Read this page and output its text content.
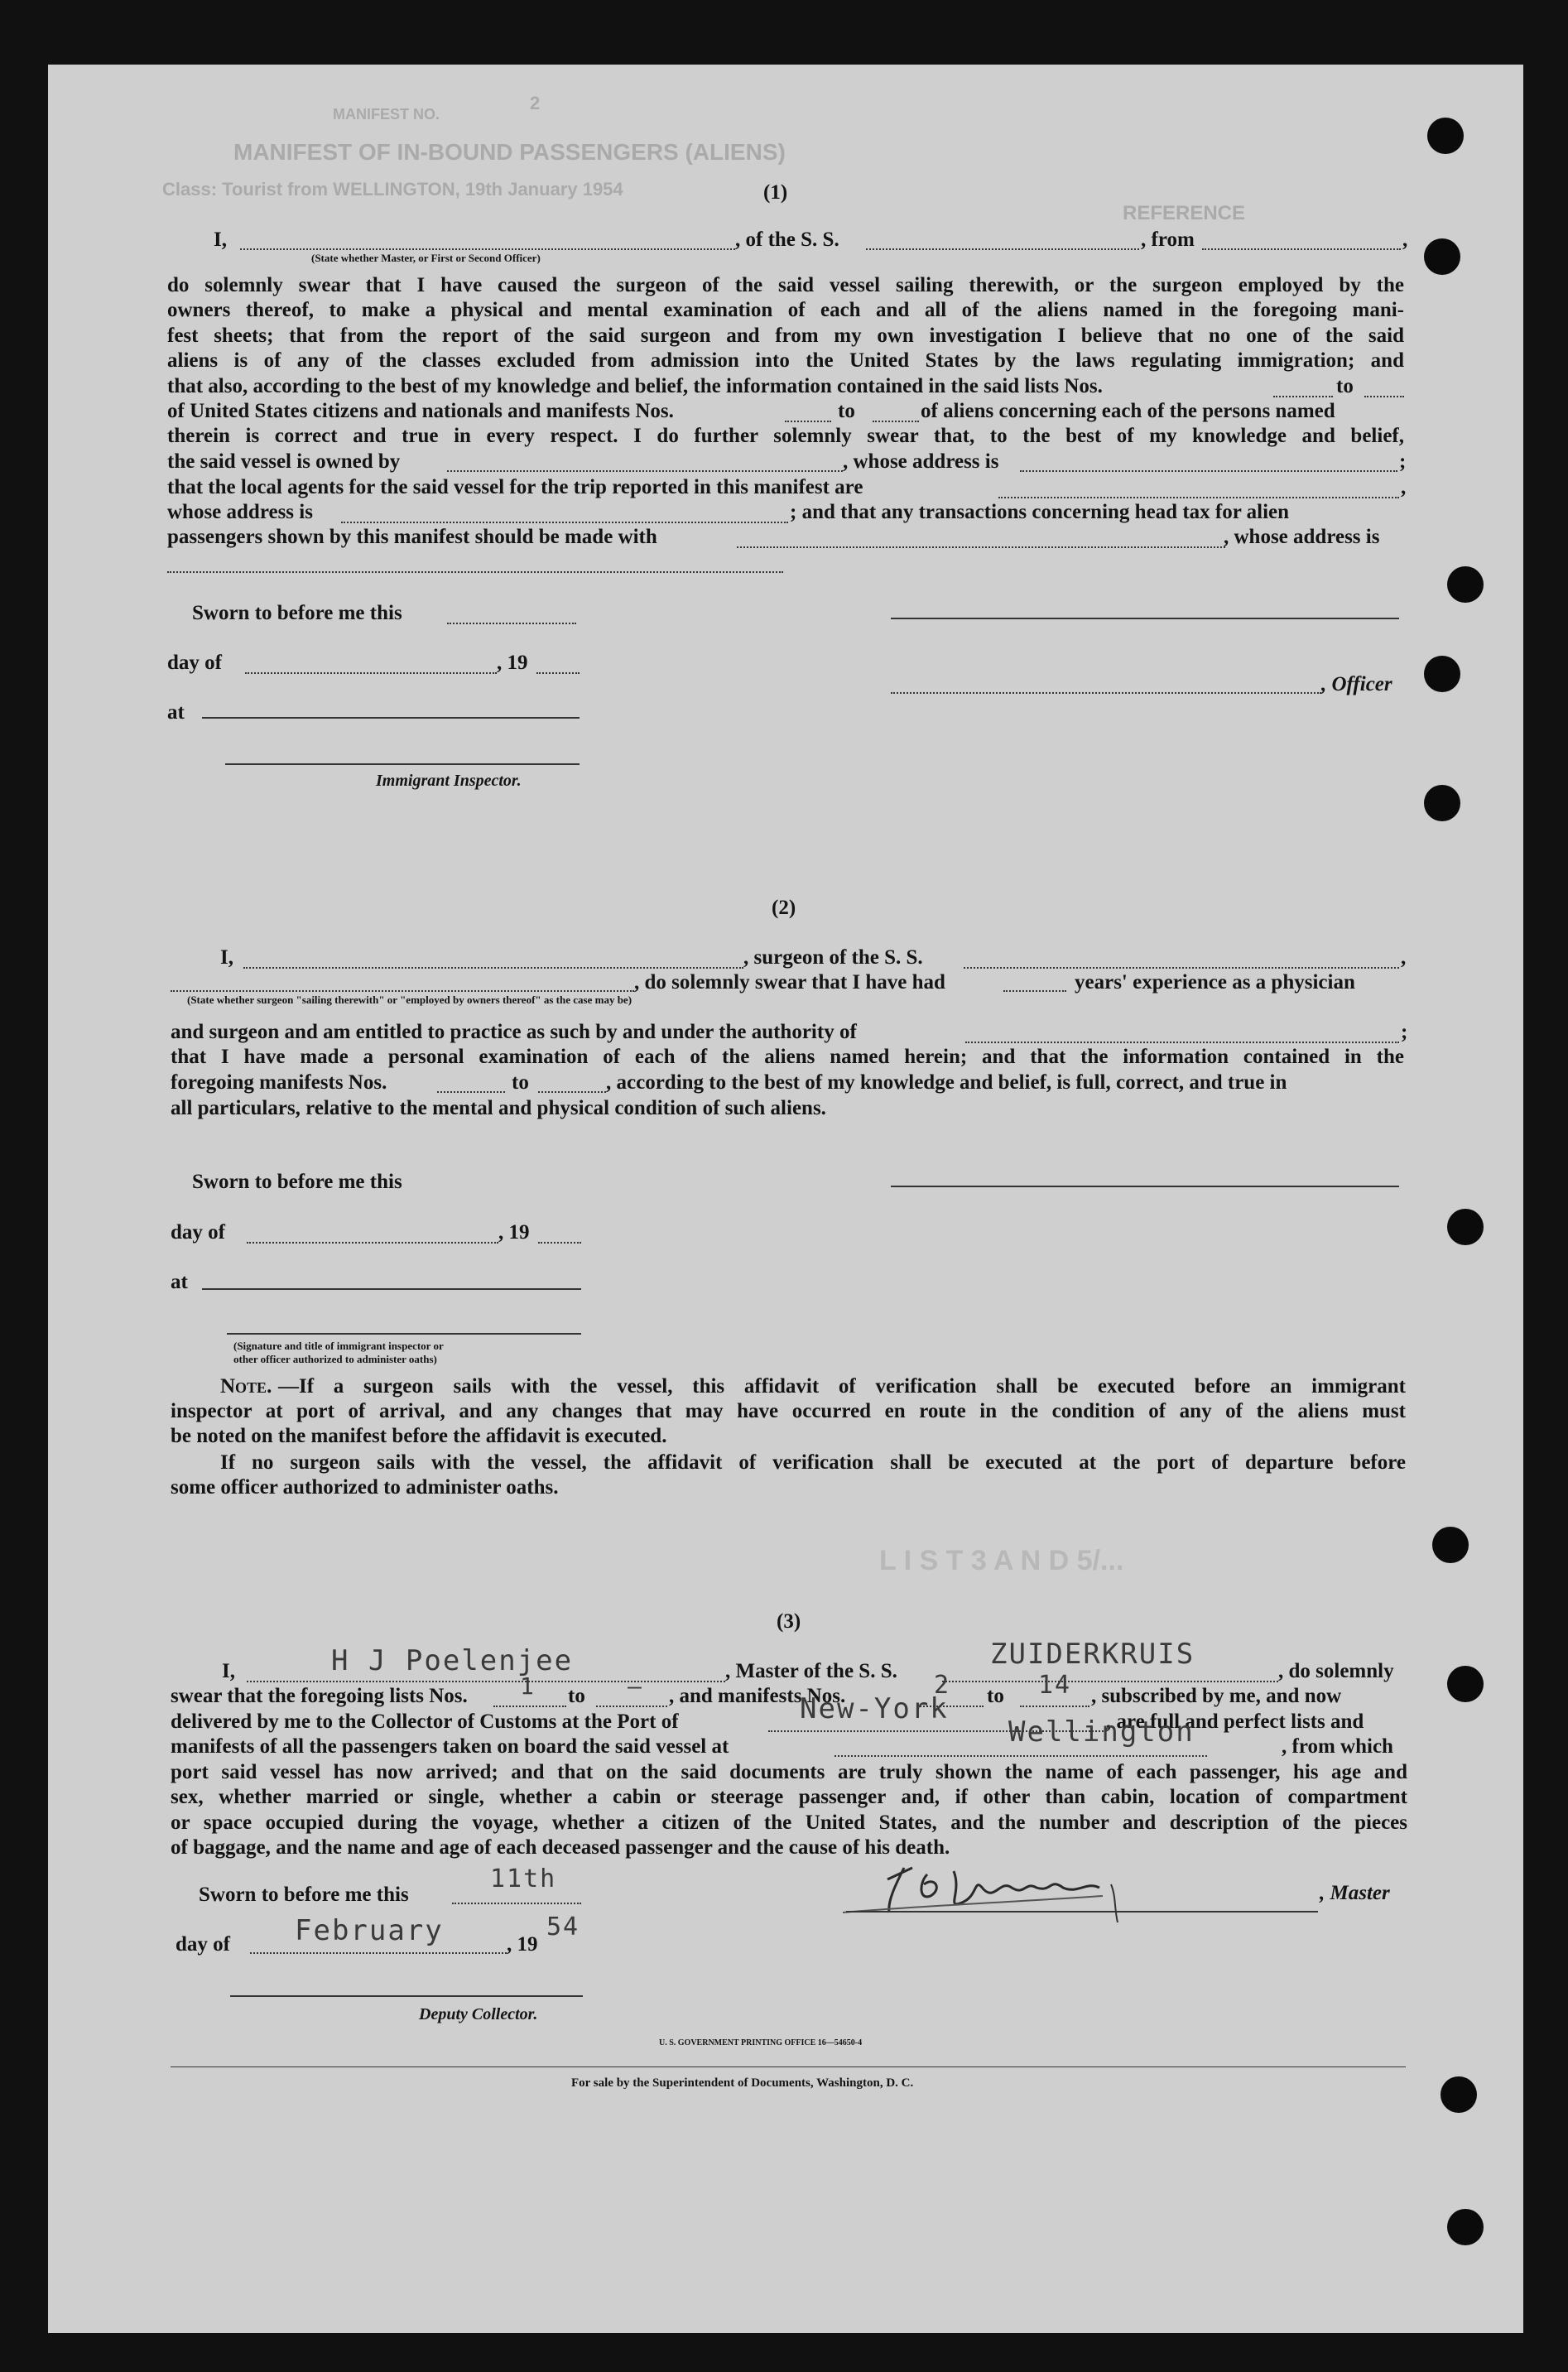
MANIFEST NO.
2
MANIFEST OF IN-BOUND PASSENGERS (ALIENS)
Class: Tourist from WELLINGTON, 19th January 1954
REFERENCE
(1)
I,	, of the S. S.	, from	,
(State whether Master, or First or Second Officer)
do solemnly swear that I have caused the surgeon of the said vessel sailing therewith, or the surgeon employed by the
owners thereof, to make a physical and mental examination of each and all of the aliens named in the foregoing mani-
fest sheets; that from the report of the said surgeon and from my own investigation I believe that no one of the said
aliens is of any of the classes excluded from admission into the United States by the laws regulating immigration; and
that also, according to the best of my knowledge and belief, the information contained in the said lists Nos.	to
of United States citizens and nationals and manifests Nos.	to	of aliens concerning each of the persons named
therein is correct and true in every respect. I do further solemnly swear that, to the best of my knowledge and belief,
the said vessel is owned by	, whose address is	;
that the local agents for the said vessel for the trip reported in this manifest are	,
whose address is	; and that any transactions concerning head tax for alien
passengers shown by this manifest should be made with	, whose address is
Sworn to before me this
day of	, 19
, Officer
at
Immigrant Inspector.
(2)
I,	, surgeon of the S. S.	,
, do solemnly swear that I have had	years' experience as a physician
(State whether surgeon "sailing therewith" or "employed by owners thereof" as the case may be)
and surgeon and am entitled to practice as such by and under the authority of	;
that I have made a personal examination of each of the aliens named herein; and that the information contained in the
foregoing manifests Nos.	to	, according to the best of my knowledge and belief, is full, correct, and true in
all particulars, relative to the mental and physical condition of such aliens.
Sworn to before me this
day of	, 19
at
(Signature and title of immigrant inspector or
other officer authorized to administer oaths)
Note. —If a surgeon sails with the vessel, this affidavit of verification shall be executed before an immigrant
inspector at port of arrival, and any changes that may have occurred en route in the condition of any of the aliens must
be noted on the manifest before the affidavit is executed.
If no surgeon sails with the vessel, the affidavit of verification shall be executed at the port of departure before
some officer authorized to administer oaths.
L I S T 3 A N D 5/...
(3)
I,	H J Poelenjee	, Master of the S. S.
ZUIDERKRUIS
, do solemnly
swear that the foregoing lists Nos. 1 to – , and manifests Nos.	2 to 14 , subscribed by me, and now
delivered by me to the Collector of Customs at the Port of	New-York	, are full and perfect lists and
manifests of all the passengers taken on board the said vessel at	Wellington	, from which
port said vessel has now arrived; and that on the said documents are truly shown the name of each passenger, his age and
sex, whether married or single, whether a cabin or steerage passenger and, if other than cabin, location of compartment
or space occupied during the voyage, whether a citizen of the United States, and the number and description of the pieces
of baggage, and the name and age of each deceased passenger and the cause of his death.
Sworn to before me this
11th	, Master
day of February	, 19
54
Deputy Collector.
U. S. GOVERNMENT PRINTING OFFICE 16—54650-4
For sale by the Superintendent of Documents, Washington, D. C.
